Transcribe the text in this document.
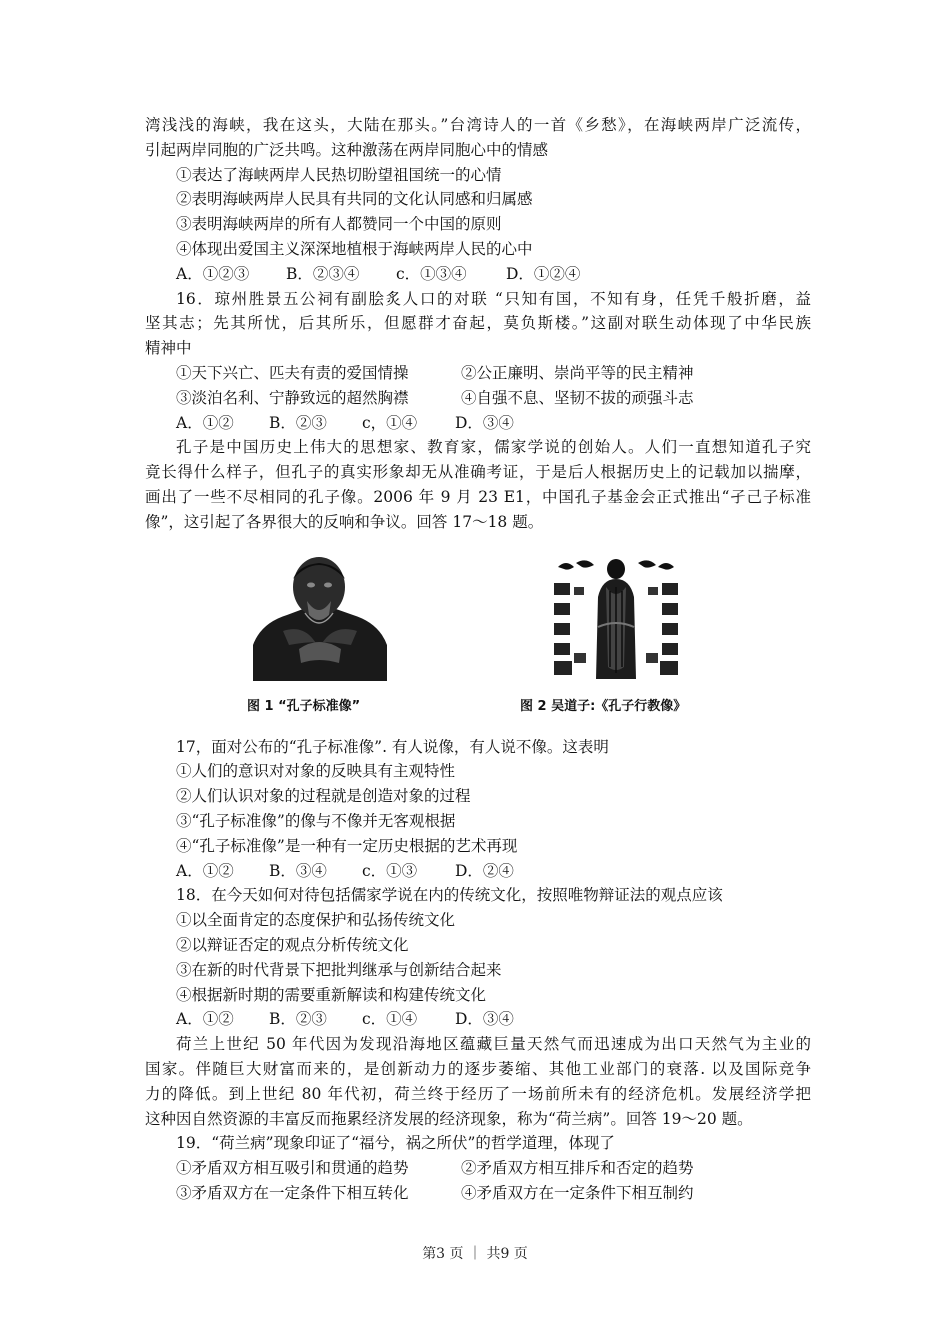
湾浅浅的海峡，我在这头，大陆在那头。”台湾诗人的一首《乡愁》，在海峡两岸广泛流传，
引起两岸同胞的广泛共鸣。这种激荡在两岸同胞心中的情感
①表达了海峡两岸人民热切盼望祖国统一的心情
②表明海峡两岸人民具有共同的文化认同感和归属感
③表明海峡两岸的所有人都赞同一个中国的原则
④体现出爱国主义深深地植根于海峡两岸人民的心中
A．①②③	B．②③④	c．①③④	D．①②④
16．琼州胜景五公祠有副脍炙人口的对联 “只知有国，不知有身，任凭千般折磨，益
坚其志；先其所忧，后其所乐，但愿群才奋起，莫负斯楼。”这副对联生动体现了中华民族
精神中
①天下兴亡、匹夫有责的爱国情操	②公正廉明、崇尚平等的民主精神
③淡泊名利、宁静致远的超然胸襟	④自强不息、坚韧不拔的顽强斗志
A．①②	B．②③	c，①④	D．③④
孔子是中国历史上伟大的思想家、教育家，儒家学说的创始人。人们一直想知道孔子究
竟长得什么样子，但孔子的真实形象却无从准确考证，于是后人根据历史上的记载加以揣摩，
画出了一些不尽相同的孔子像。2006 年 9 月 23 E1，中国孔子基金会正式推出“孑己子标准
像”，这引起了各界很大的反响和争议。回答 17～18 题。
图 1 “孔子标准像”	图 2 吴道子:《孔子行教像》
17，面对公布的“孔子标准像”. 有人说像，有人说不像。这表明
①人们的意识对对象的反映具有主观特性
②人们认识对象的过程就是创造对象的过程
③“孔子标准像”的像与不像并无客观根据
④“孔子标准像”是一种有一定历史根据的艺术再现
A．①②	B．③④	c．①③	D．②④
18．在今天如何对待包括儒家学说在内的传统文化，按照唯物辩证法的观点应该
①以全面肯定的态度保护和弘扬传统文化
②以辩证否定的观点分析传统文化
③在新的时代背景下把批判继承与创新结合起来
④根据新时期的需要重新解读和构建传统文化
A．①②	B．②③	c．①④	D．③④
荷兰上世纪 50 年代因为发现沿海地区蕴藏巨量天然气而迅速成为出口天然气为主业的
国家。伴随巨大财富而来的，是创新动力的逐步萎缩、其他工业部门的衰落. 以及国际竞争
力的降低。到上世纪 80 年代初，荷兰终于经历了一场前所未有的经济危机。发展经济学把
这种因自然资源的丰富反而拖累经济发展的经济现象，称为“荷兰病”。回答 19～20 题。
19．“荷兰病”现象印证了“福兮，祸之所伏”的哲学道理，体现了
①矛盾双方相互吸引和贯通的趋势	②矛盾双方相互排斥和否定的趋势
③矛盾双方在一定条件下相互转化	④矛盾双方在一定条件下相互制约
第3 页 ｜ 共9 页
